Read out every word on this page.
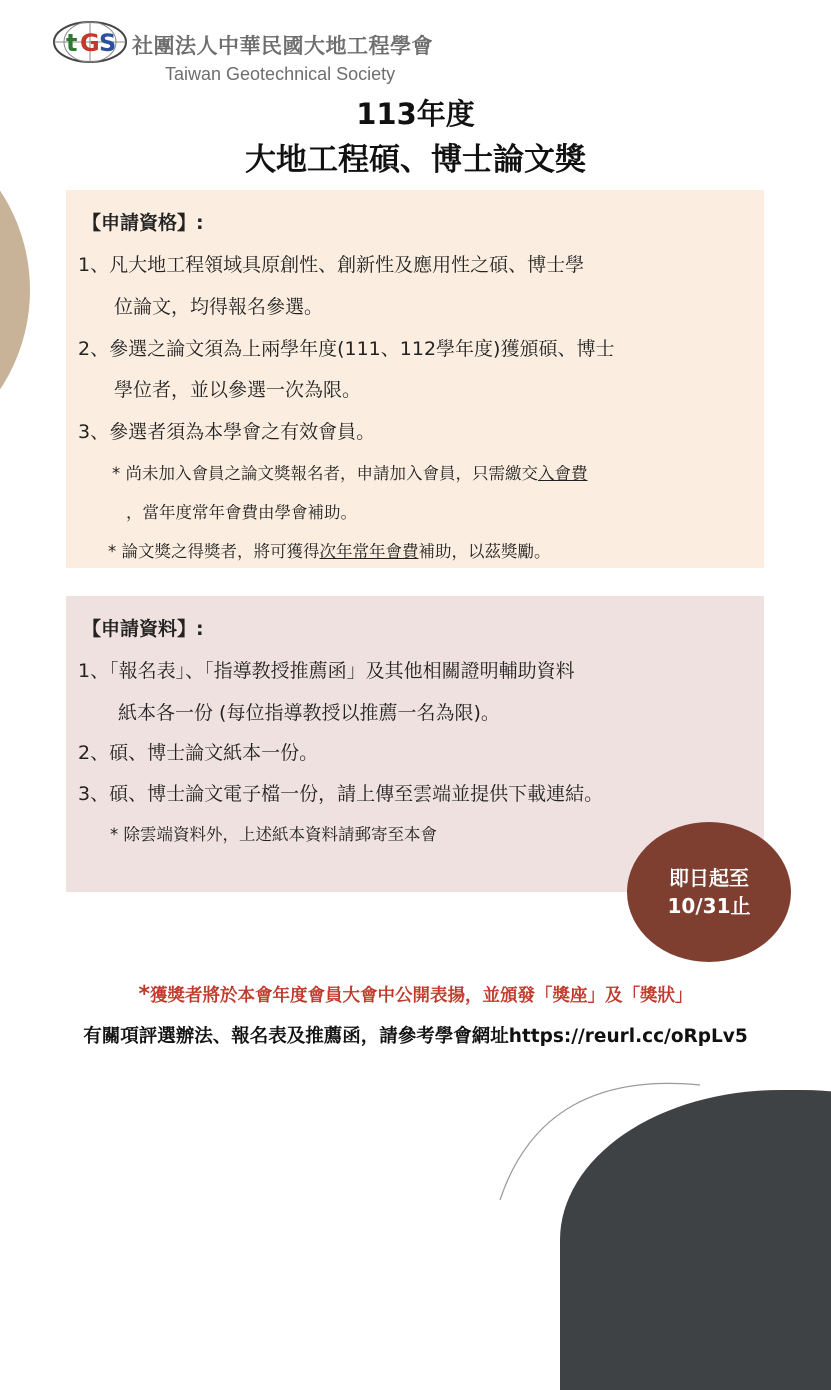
t G S 社團法人中華民國大地工程學會
Taiwan Geotechnical Society
113年度
大地工程碩、博士論文獎

【申請資格】:

1、凡大地工程領域具原創性、創新性及應用性之碩、博士學

位論文，均得報名參選。

2、參選之論文須為上兩學年度(111、112學年度)獲頒碩、博士

學位者，並以參選一次為限。

3、參選者須為本學會之有效會員。

* 尚未加入會員之論文獎報名者，申請加入會員，只需繳交入會費

，當年度常年會費由學會補助。

* 論文獎之得獎者，將可獲得次年常年會費補助，以茲獎勵。

【申請資料】:

1、「報名表」、「指導教授推薦函」及其他相關證明輔助資料

紙本各一份 (每位指導教授以推薦一名為限)。

2、碩、博士論文紙本一份。

3、碩、博士論文電子檔一份，請上傳至雲端並提供下載連結。

* 除雲端資料外，上述紙本資料請郵寄至本會

即日起至
10/31止
*獲獎者將於本會年度會員大會中公開表揚，並頒發「獎座」及「獎狀」
有關項評選辦法、報名表及推薦函，請參考學會網址https://reurl.cc/oRpLv5
